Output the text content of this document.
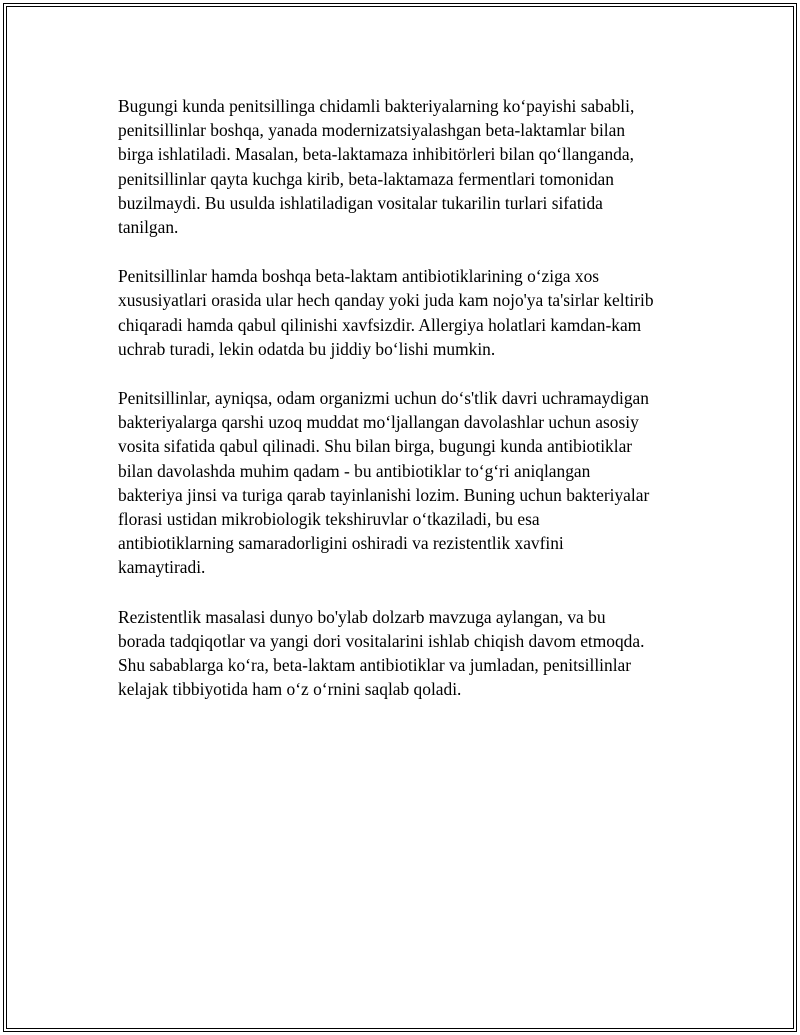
Bugungi kunda penitsillinga chidamli bakteriyalarning koʻpayishi sababli,
penitsillinlar boshqa, yanada modernizatsiyalashgan beta-laktamlar bilan
birga ishlatiladi. Masalan, beta-laktamaza inhibitörleri bilan qoʻllanganda,
penitsillinlar qayta kuchga kirib, beta-laktamaza fermentlari tomonidan
buzilmaydi. Bu usulda ishlatiladigan vositalar tukarilin turlari sifatida
tanilgan.

Penitsillinlar hamda boshqa beta-laktam antibiotiklarining oʻziga xos
xususiyatlari orasida ular hech qanday yoki juda kam nojo'ya ta'sirlar keltirib
chiqaradi hamda qabul qilinishi xavfsizdir. Allergiya holatlari kamdan-kam
uchrab turadi, lekin odatda bu jiddiy boʻlishi mumkin.

Penitsillinlar, ayniqsa, odam organizmi uchun doʻs'tlik davri uchramaydigan
bakteriyalarga qarshi uzoq muddat moʻljallangan davolashlar uchun asosiy
vosita sifatida qabul qilinadi. Shu bilan birga, bugungi kunda antibiotiklar
bilan davolashda muhim qadam - bu antibiotiklar toʻgʻri aniqlangan
bakteriya jinsi va turiga qarab tayinlanishi lozim. Buning uchun bakteriyalar
florasi ustidan mikrobiologik tekshiruvlar oʻtkaziladi, bu esa
antibiotiklarning samaradorligini oshiradi va rezistentlik xavfini
kamaytiradi.

Rezistentlik masalasi dunyo bo'ylab dolzarb mavzuga aylangan, va bu
borada tadqiqotlar va yangi dori vositalarini ishlab chiqish davom etmoqda.
Shu sabablarga koʻra, beta-laktam antibiotiklar va jumladan, penitsillinlar
kelajak tibbiyotida ham oʻz oʻrnini saqlab qoladi.
